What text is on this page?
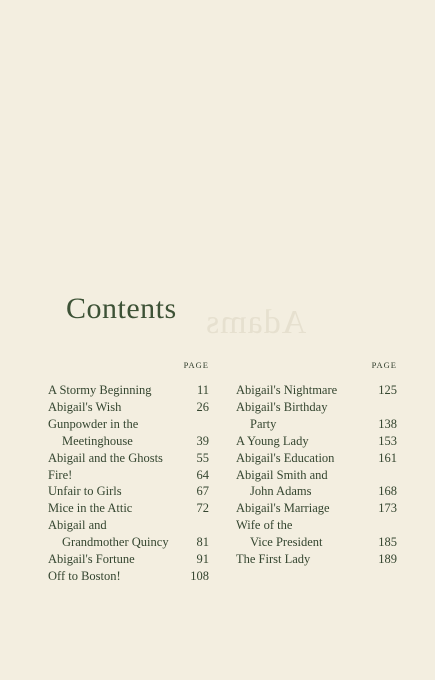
Adams
Contents
PAGE
A Stormy Beginning	11
Abigail's Wish	26
Gunpowder in the
Meetinghouse	39
Abigail and the Ghosts	55
Fire!	64
Unfair to Girls	67
Mice in the Attic	72
Abigail and
Grandmother Quincy 81
Abigail's Fortune	91
Off to Boston!	108
PAGE
Abigail's Nightmare	125
Abigail's Birthday
Party	138
A Young Lady	153
Abigail's Education	161
Abigail Smith and
John Adams	168
Abigail's Marriage	173
Wife of the
Vice President	185
The First Lady	189
